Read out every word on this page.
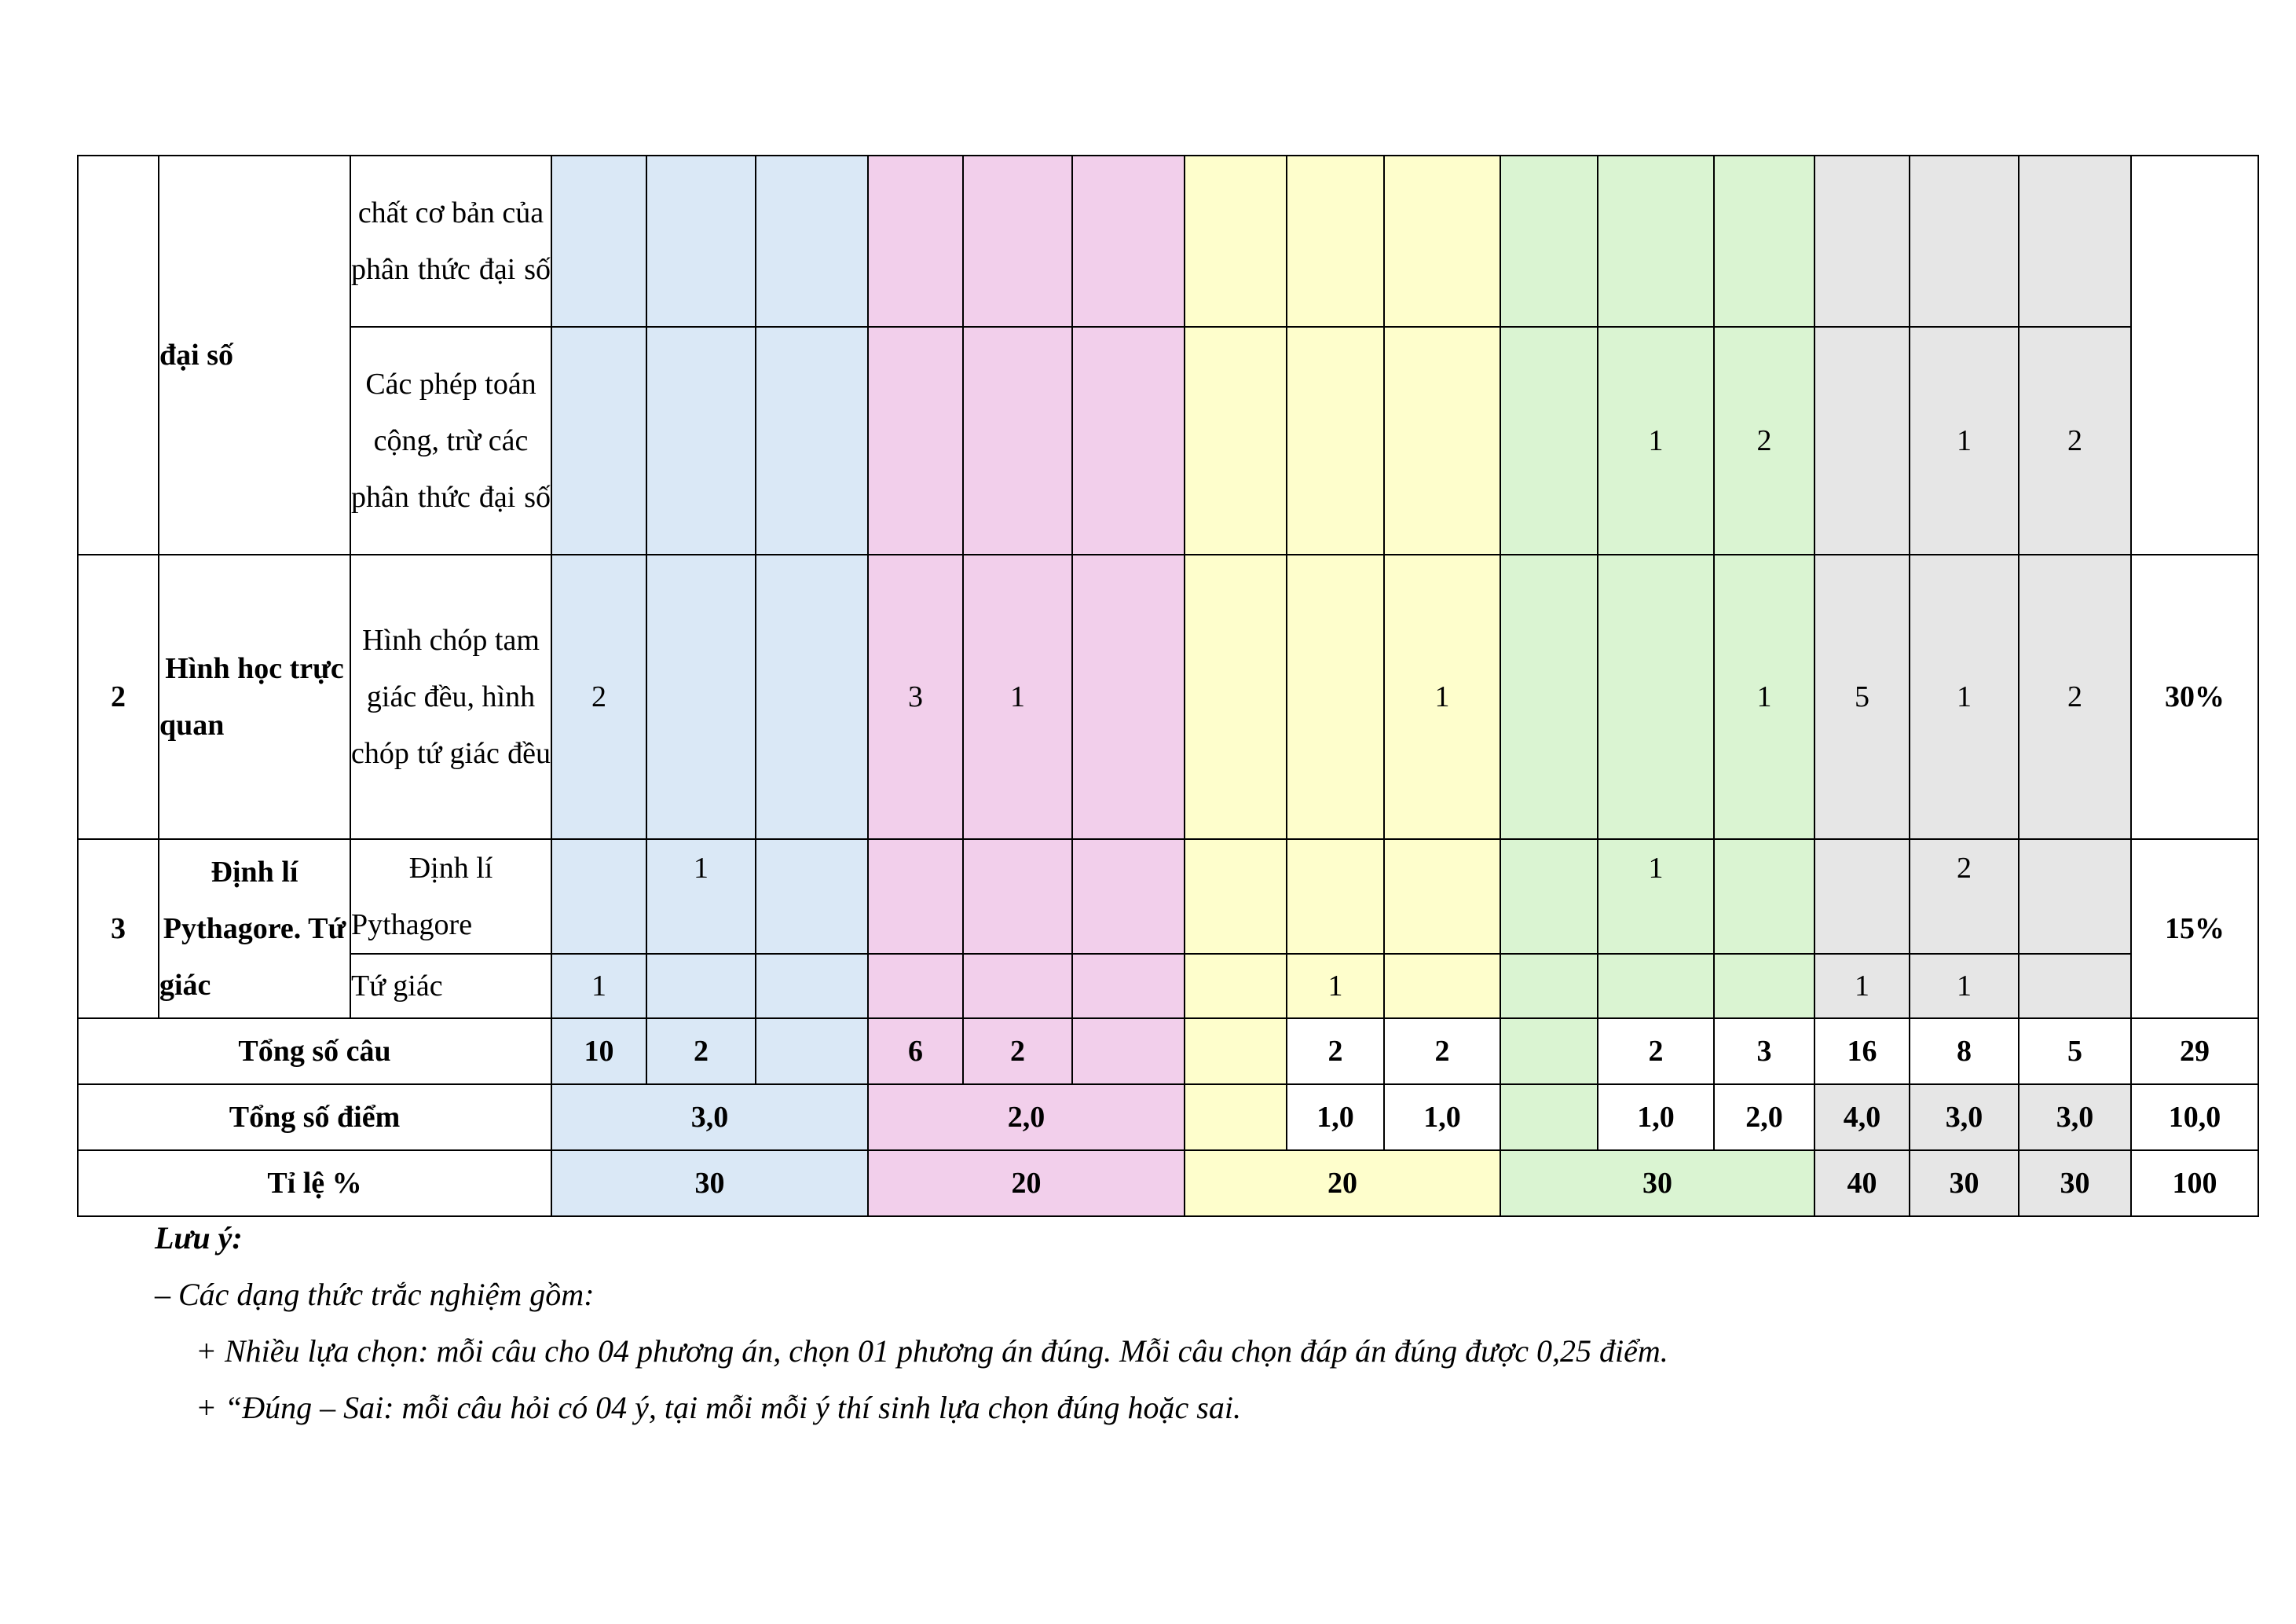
	đại số	chất cơ bản của phân thức đại số																
		Các phép toán cộng, trừ các phân thức đại số											1	2		1	2	
2	Hình học trực quan	Hình chóp tam giác đều, hình chóp tứ giác đều	2			3	1				1			1	5	1	2	30%
3	Định lí Pythagore. Tứ giác	Định lí Pythagore		1									1			2		15%
		Tứ giác	1							1					1	1		
Tổng số câu			10	2		6	2			2	2		2	3	16	8	5	29
Tổng số điểm			3,0			2,0				1,0	1,0		1,0	2,0	4,0	3,0	3,0	10,0
Tỉ lệ %			30			20			20			30			40	30	30	100
Lưu ý:
– Các dạng thức trắc nghiệm gồm:
+ Nhiều lựa chọn: mỗi câu cho 04 phương án, chọn 01 phương án đúng. Mỗi câu chọn đáp án đúng được 0,25 điểm.
+ “Đúng – Sai: mỗi câu hỏi có 04 ý, tại mỗi mỗi ý thí sinh lựa chọn đúng hoặc sai.
